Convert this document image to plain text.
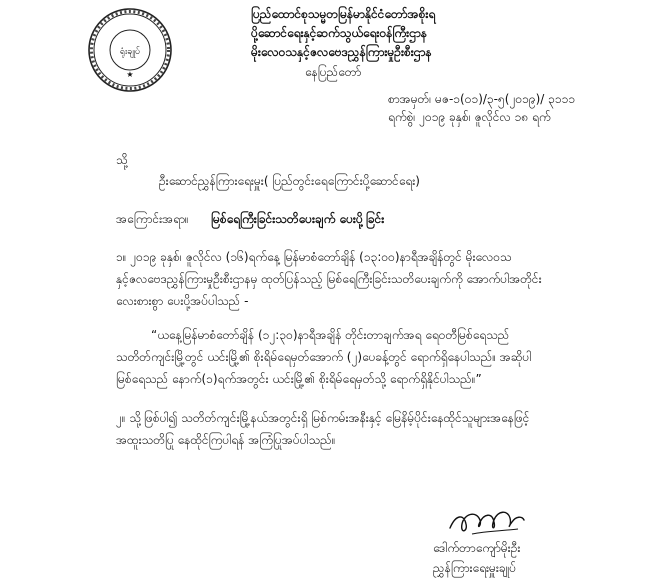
ရုံးချုပ်
★
ပြည်ထောင်စုသမ္မတမြန်မာနိုင်ငံတော်အစိုးရ
ပို့ဆောင်ရေးနှင့်ဆက်သွယ်ရေးဝန်ကြီးဌာန
မိုးလေဝသနှင့်ဇလဗေဒညွှန်ကြားမှုဦးစီးဌာန
နေပြည်တော်
စာအမှတ်၊ မဇ-၁(၀၁)/၃-၅(၂၀၁၉)/ ၃၁၁၁
ရက်စွဲ၊ ၂၀၁၉ ခုနှစ်၊ ဇူလိုင်လ ၁၈ ရက်
သို့
ဦးဆောင်ညွှန်ကြားရေးမှူး( ပြည်တွင်းရေကြောင်းပို့ဆောင်ရေး)
အကြောင်းအရာ။ မြစ်ရေကြီးခြင်းသတိပေးချက် ပေးပို့ခြင်း
၁။ ၂၀၁၉ ခုနှစ်၊ ဇူလိုင်လ (၁၆)ရက်နေ့ မြန်မာစံတော်ချိန် (၁၃:၀၀)နာရီအချိန်တွင် မိုးလေဝသ
နှင့်ဇလဗေဒညွှန်ကြားမှုဦးစီးဌာနမှ ထုတ်ပြန်သည့် မြစ်ရေကြီးခြင်းသတိပေးချက်ကို အောက်ပါအတိုင်း
လေးစားစွာ ပေးပို့အပ်ပါသည် -
“ယနေ့မြန်မာစံတော်ချိန် (၁၂:၃၀)နာရီအချိန် တိုင်းတာချက်အရ ရေဝတီမြစ်ရေသည်
သတိတ်ကျင်းမြို့တွင် ယင်းမြို့၏ စိုးရိမ်ရေမှတ်အောက် (၂)ပေခန့်တွင် ရောက်ရှိနေပါသည်။ အဆိုပါ
မြစ်ရေသည် နောက်(၁)ရက်အတွင်း ယင်းမြို့၏ စိုးရိမ်ရေမှတ်သို့ ရောက်ရှိနိုင်ပါသည်။”
၂။ သို့ဖြစ်ပါ၍ သတိတ်ကျင်းမြို့နယ်အတွင်းရှိ မြစ်ကမ်းအနီးနှင့် မြေနိမ့်ပိုင်းနေထိုင်သူများအနေဖြင့်
အထူးသတိပြု နေထိုင်ကြပါရန် အကြံပြုအပ်ပါသည်။
ဒေါက်တာကျော်မိုးဦး
ညွှန်ကြားရေးမှူးချုပ်
